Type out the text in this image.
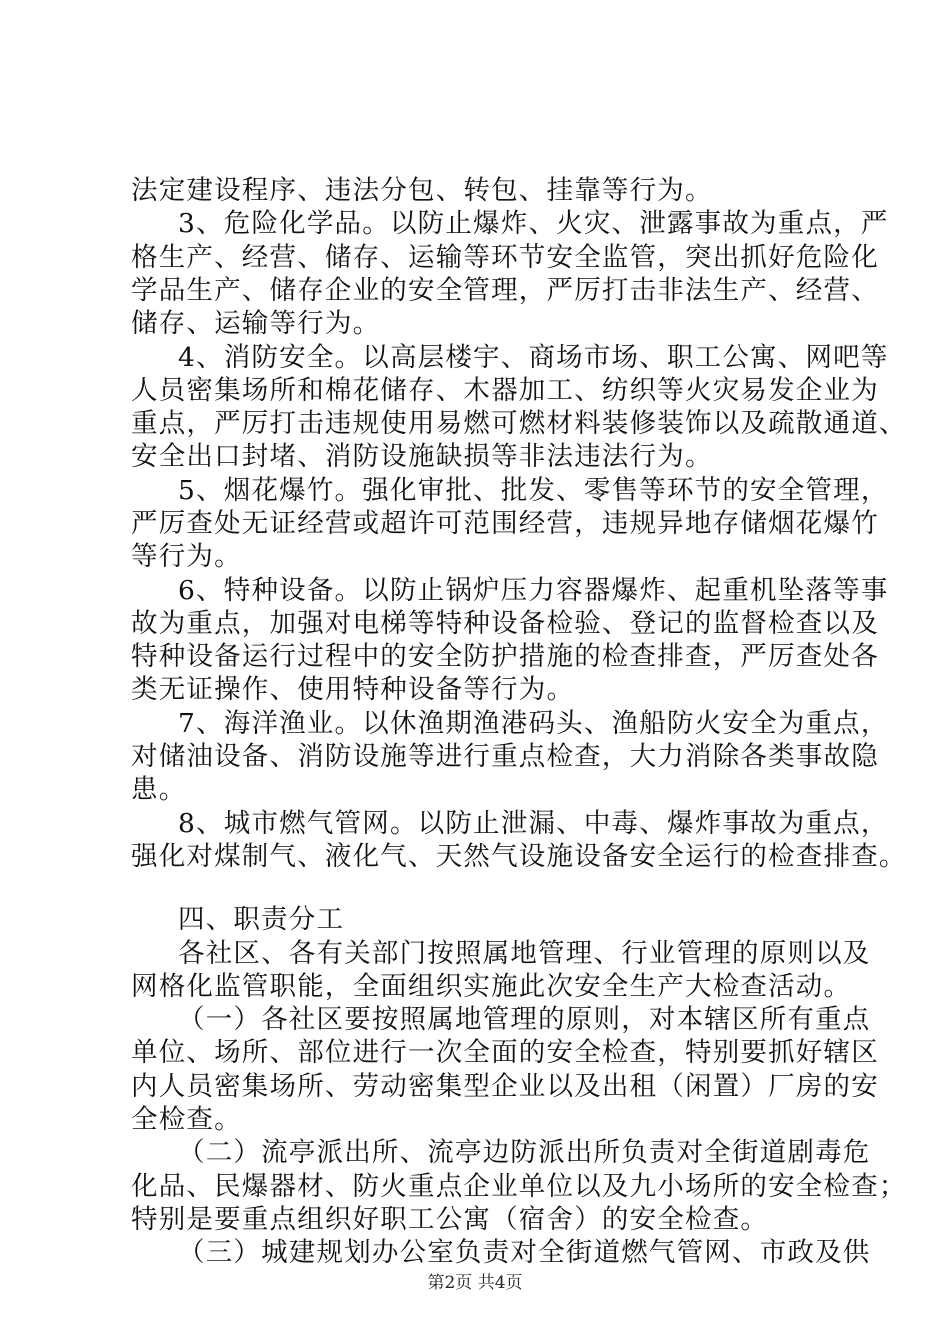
法定建设程序、违法分包、转包、挂靠等行为。
3、危险化学品。以防止爆炸、火灾、泄露事故为重点，严
格生产、经营、储存、运输等环节安全监管，突出抓好危险化
学品生产、储存企业的安全管理，严厉打击非法生产、经营、
储存、运输等行为。
4、消防安全。以高层楼宇、商场市场、职工公寓、网吧等
人员密集场所和棉花储存、木器加工、纺织等火灾易发企业为
重点，严厉打击违规使用易燃可燃材料装修装饰以及疏散通道、
安全出口封堵、消防设施缺损等非法违法行为。
5、烟花爆竹。强化审批、批发、零售等环节的安全管理，
严厉查处无证经营或超许可范围经营，违规异地存储烟花爆竹
等行为。
6、特种设备。以防止锅炉压力容器爆炸、起重机坠落等事
故为重点，加强对电梯等特种设备检验、登记的监督检查以及
特种设备运行过程中的安全防护措施的检查排查，严厉查处各
类无证操作、使用特种设备等行为。
7、海洋渔业。以休渔期渔港码头、渔船防火安全为重点，
对储油设备、消防设施等进行重点检查，大力消除各类事故隐
患。
8、城市燃气管网。以防止泄漏、中毒、爆炸事故为重点，
强化对煤制气、液化气、天然气设施设备安全运行的检查排查。
四、职责分工
各社区、各有关部门按照属地管理、行业管理的原则以及
网格化监管职能，全面组织实施此次安全生产大检查活动。
（一）各社区要按照属地管理的原则，对本辖区所有重点
单位、场所、部位进行一次全面的安全检查，特别要抓好辖区
内人员密集场所、劳动密集型企业以及出租（闲置）厂房的安
全检查。
（二）流亭派出所、流亭边防派出所负责对全街道剧毒危
化品、民爆器材、防火重点企业单位以及九小场所的安全检查；
特别是要重点组织好职工公寓（宿舍）的安全检查。
（三）城建规划办公室负责对全街道燃气管网、市政及供
第2页 共4页
